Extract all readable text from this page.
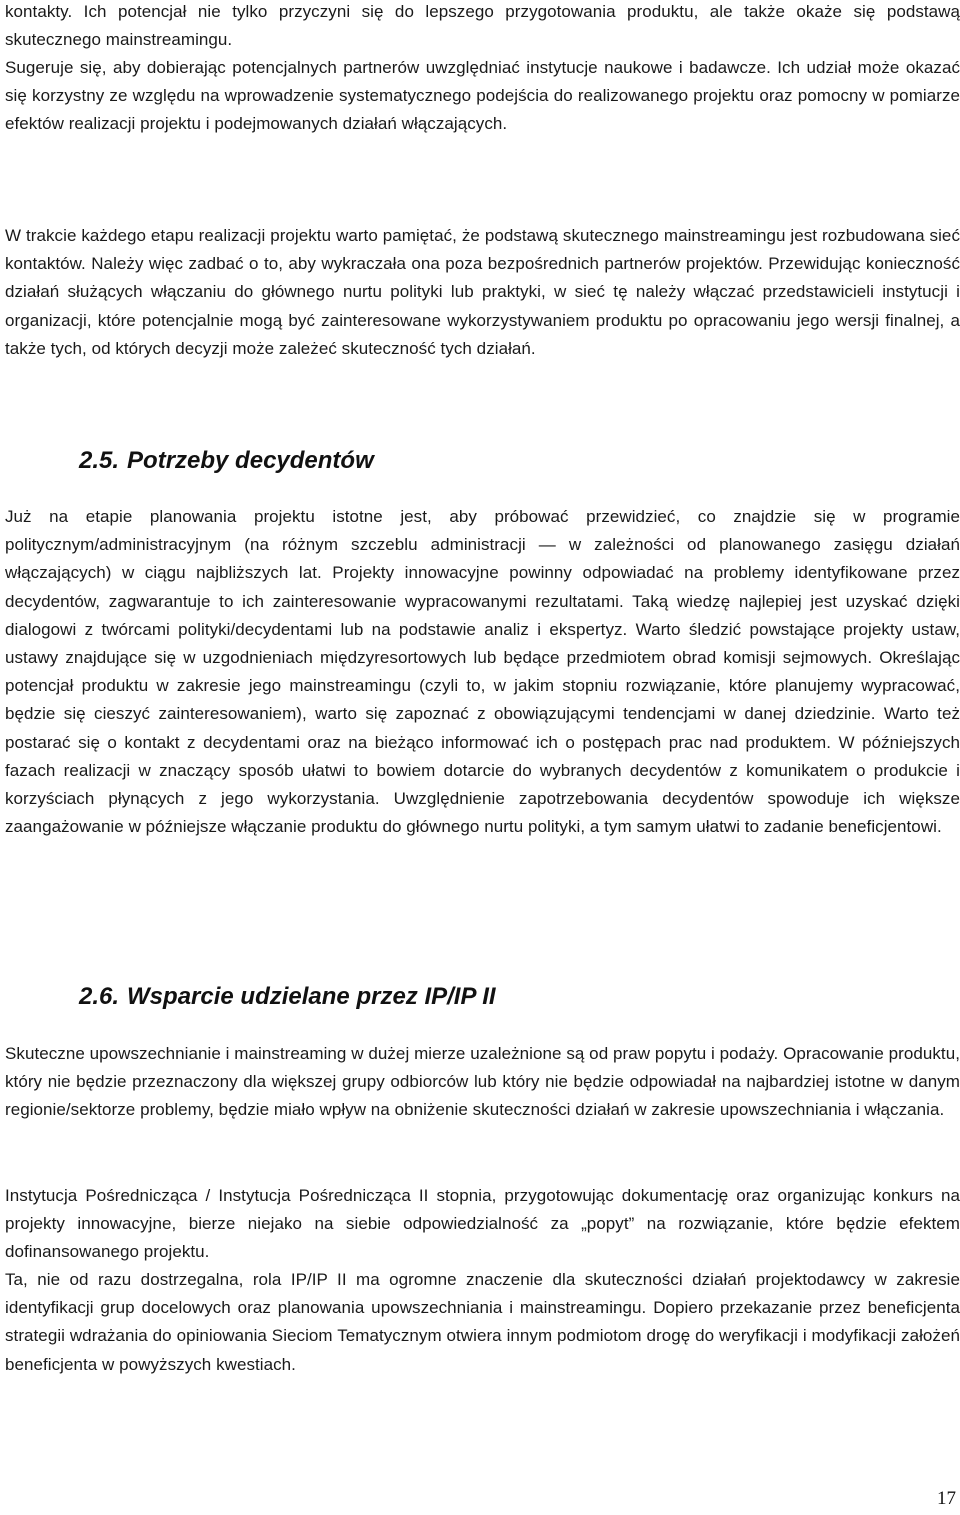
kontakty. Ich potencjał nie tylko przyczyni się do lepszego przygotowania produktu, ale także okaże się podstawą skutecznego mainstreamingu.

Sugeruje się, aby dobierając potencjalnych partnerów uwzględniać instytucje naukowe i badawcze. Ich udział może okazać się korzystny ze względu na wprowadzenie systematycznego podejścia do realizowanego projektu oraz pomocny w pomiarze efektów realizacji projektu i podejmowanych działań włączających.

W trakcie każdego etapu realizacji projektu warto pamiętać, że podstawą skutecznego mainstreamingu jest rozbudowana sieć kontaktów. Należy więc zadbać o to, aby wykraczała ona poza bezpośrednich partnerów projektów. Przewidując konieczność działań służących włączaniu do głównego nurtu polityki lub praktyki, w sieć tę należy włączać przedstawicieli instytucji i organizacji, które potencjalnie mogą być zainteresowane wykorzystywaniem produktu po opracowaniu jego wersji finalnej, a także tych, od których decyzji może zależeć skuteczność tych działań.

2.5. Potrzeby decydentów

Już na etapie planowania projektu istotne jest, aby próbować przewidzieć, co znajdzie się w programie politycznym/administracyjnym (na różnym szczeblu administracji — w zależności od planowanego zasięgu działań włączających) w ciągu najbliższych lat. Projekty innowacyjne powinny odpowiadać na problemy identyfikowane przez decydentów, zagwarantuje to ich zainteresowanie wypracowanymi rezultatami. Taką wiedzę najlepiej jest uzyskać dzięki dialogowi z twórcami polityki/decydentami lub na podstawie analiz i ekspertyz. Warto śledzić powstające projekty ustaw, ustawy znajdujące się w uzgodnieniach międzyresortowych lub będące przedmiotem obrad komisji sejmowych. Określając potencjał produktu w zakresie jego mainstreamingu (czyli to, w jakim stopniu rozwiązanie, które planujemy wypracować, będzie się cieszyć zainteresowaniem), warto się zapoznać z obowiązującymi tendencjami w danej dziedzinie. Warto też postarać się o kontakt z decydentami oraz na bieżąco informować ich o postępach prac nad produktem. W późniejszych fazach realizacji w znaczący sposób ułatwi to bowiem dotarcie do wybranych decydentów z komunikatem o produkcie i korzyściach płynących z jego wykorzystania. Uwzględnienie zapotrzebowania decydentów spowoduje ich większe zaangażowanie w późniejsze włączanie produktu do głównego nurtu polityki, a tym samym ułatwi to zadanie beneficjentowi.

2.6. Wsparcie udzielane przez IP/IP II

Skuteczne upowszechnianie i mainstreaming w dużej mierze uzależnione są od praw popytu i podaży. Opracowanie produktu, który nie będzie przeznaczony dla większej grupy odbiorców lub który nie będzie odpowiadał na najbardziej istotne w danym regionie/sektorze problemy, będzie miało wpływ na obniżenie skuteczności działań w zakresie upowszechniania i włączania.

Instytucja Pośrednicząca / Instytucja Pośrednicząca II stopnia, przygotowując dokumentację oraz organizując konkurs na projekty innowacyjne, bierze niejako na siebie odpowiedzialność za „popyt” na rozwiązanie, które będzie efektem dofinansowanego projektu.

Ta, nie od razu dostrzegalna, rola IP/IP II ma ogromne znaczenie dla skuteczności działań projektodawcy w zakresie identyfikacji grup docelowych oraz planowania upowszechniania i mainstreamingu. Dopiero przekazanie przez beneficjenta strategii wdrażania do opiniowania Sieciom Tematycznym otwiera innym podmiotom drogę do weryfikacji i modyfikacji założeń beneficjenta w powyższych kwestiach.

17
